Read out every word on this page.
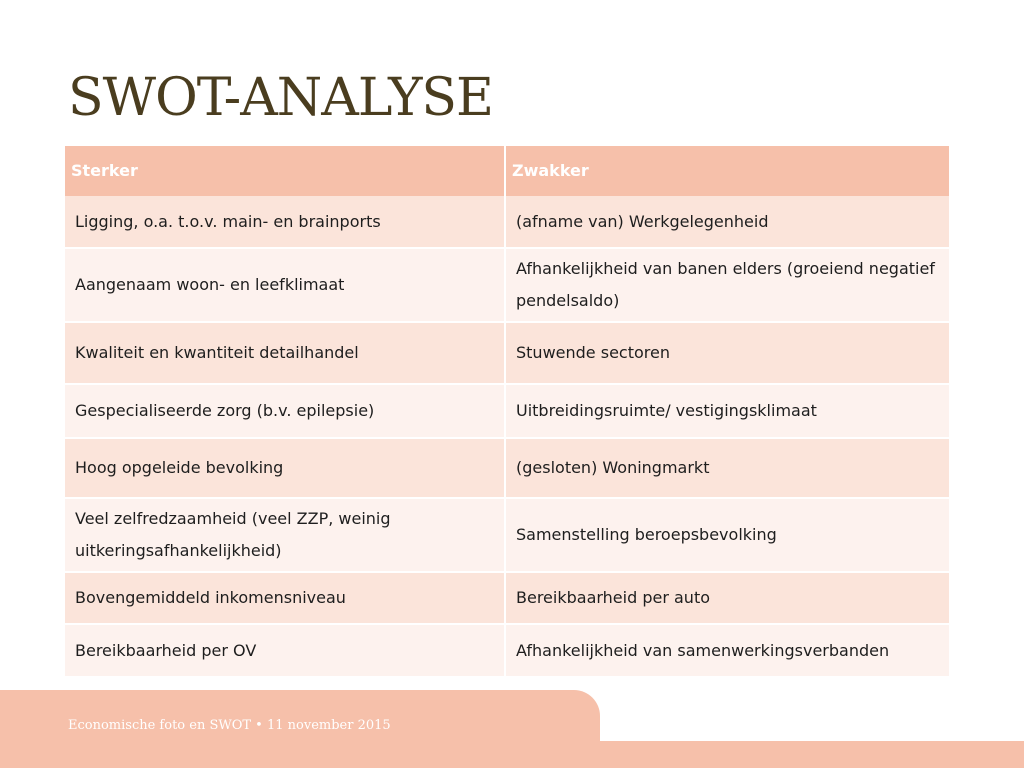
SWOT-ANALYSE
Sterker	Zwakker
Ligging, o.a. t.o.v. main- en brainports	(afname van) Werkgelegenheid
Aangenaam woon- en leefklimaat	Afhankelijkheid van banen elders (groeiend negatief pendelsaldo)
Kwaliteit en kwantiteit detailhandel	Stuwende sectoren
Gespecialiseerde zorg (b.v. epilepsie)	Uitbreidingsruimte/ vestigingsklimaat
Hoog opgeleide bevolking	(gesloten) Woningmarkt
Veel zelfredzaamheid (veel ZZP, weinig uitkeringsafhankelijkheid)	Samenstelling beroepsbevolking
Bovengemiddeld inkomensniveau	Bereikbaarheid per auto
Bereikbaarheid per OV	Afhankelijkheid van samenwerkingsverbanden
Economische foto en SWOT • 11 november 2015
